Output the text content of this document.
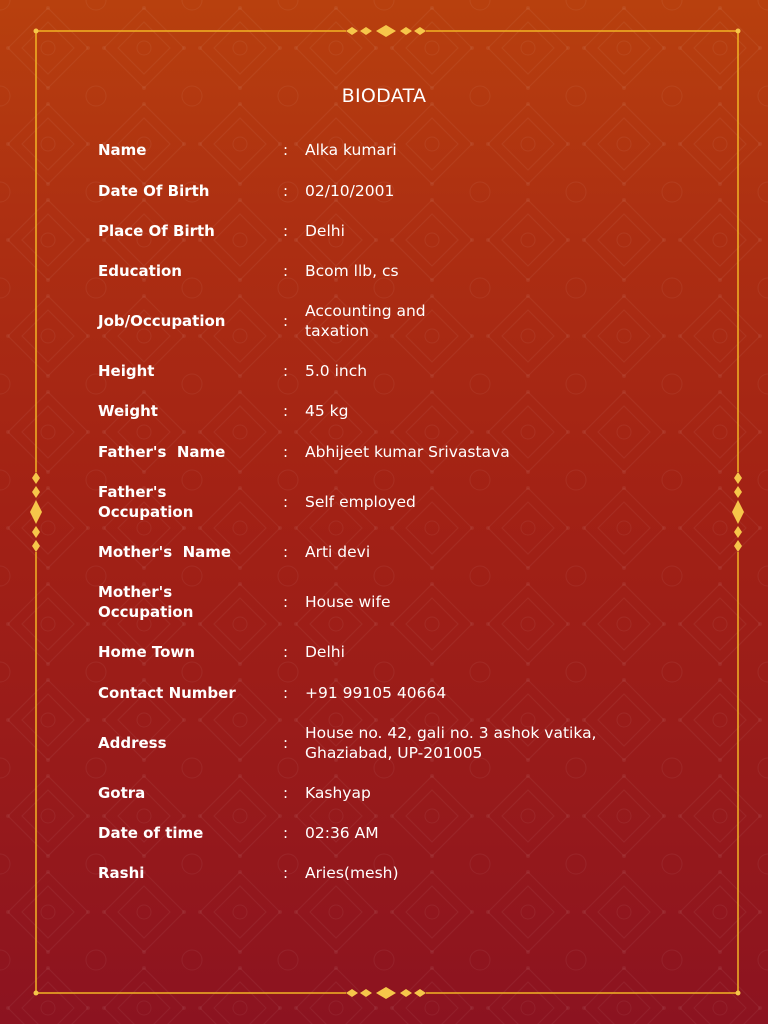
BIODATA
Name	:	Alka kumari
Date Of Birth	:	02/10/2001
Place Of Birth	:	Delhi
Education	:	Bcom llb, cs
Job/Occupation	:
Accounting and
taxation
Height	:	5.0 inch
Weight	:	45 kg
Father's  Name	:	Abhijeet kumar Srivastava
Father's
Occupation
:	Self employed
Mother's  Name	:	Arti devi
Mother's
Occupation
:	House wife
Home Town	:	Delhi
Contact Number	:	+91 99105 40664
Address	:
House no. 42, gali no. 3 ashok vatika,
Ghaziabad, UP-201005
Gotra	:	Kashyap
Date of time	:	02:36 AM
Rashi	:	Aries(mesh)
